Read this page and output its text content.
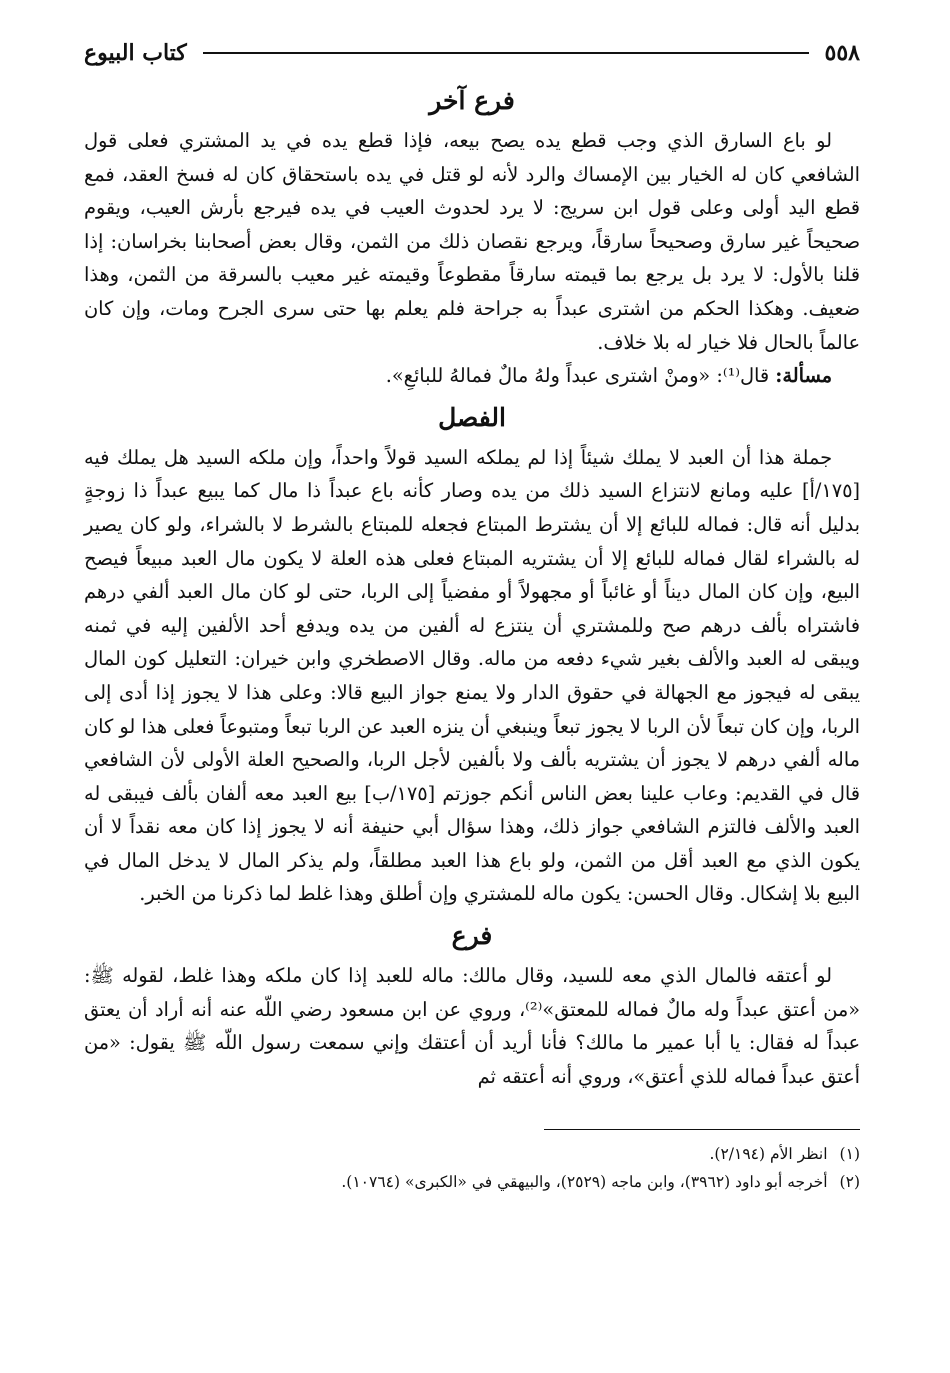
٥٥٨
كتاب البيوع
فرع آخر

لو باع السارق الذي وجب قطع يده يصح بيعه، فإذا قطع يده في يد المشتري فعلى قول الشافعي كان له الخيار بين الإمساك والرد لأنه لو قتل في يده باستحقاق كان له فسخ العقد، فمع قطع اليد أولى وعلى قول ابن سريج: لا يرد لحدوث العيب في يده فيرجع بأرش العيب، ويقوم صحيحاً غير سارق وصحيحاً سارقاً، ويرجع نقصان ذلك من الثمن، وقال بعض أصحابنا بخراسان: إذا قلنا بالأول: لا يرد بل يرجع بما قيمته سارقاً مقطوعاً وقيمته غير معيب بالسرقة من الثمن، وهذا ضعيف. وهكذا الحكم من اشترى عبداً به جراحة فلم يعلم بها حتى سرى الجرح ومات، وإن كان عالماً بالحال فلا خيار له بلا خلاف.

مسألة: قال⁽¹⁾: «ومنْ اشترى عبداً ولهُ مالٌ فمالهُ للبائعِ».

الفصل

جملة هذا أن العبد لا يملك شيئاً إذا لم يملكه السيد قولاً واحداً، وإن ملكه السيد هل يملك فيه [١٧٥/أ] عليه ومانع لانتزاع السيد ذلك من يده وصار كأنه باع عبداً ذا مال كما يبيع عبداً ذا زوجةٍ بدليل أنه قال: فماله للبائع إلا أن يشترط المبتاع فجعله للمبتاع بالشرط لا بالشراء، ولو كان يصير له بالشراء لقال فماله للبائع إلا أن يشتريه المبتاع فعلى هذه العلة لا يكون مال العبد مبيعاً فيصح البيع، وإن كان المال ديناً أو غائباً أو مجهولاً أو مفضياً إلى الربا، حتى لو كان مال العبد ألفي درهم فاشتراه بألف درهم صح وللمشتري أن ينتزع له ألفين من يده ويدفع أحد الألفين إليه في ثمنه ويبقى له العبد والألف بغير شيء دفعه من ماله. وقال الاصطخري وابن خيران: التعليل كون المال يبقى له فيجوز مع الجهالة في حقوق الدار ولا يمنع جواز البيع قالا: وعلى هذا لا يجوز إذا أدى إلى الربا، وإن كان تبعاً لأن الربا لا يجوز تبعاً وينبغي أن ينزه العبد عن الربا تبعاً ومتبوعاً فعلى هذا لو كان ماله ألفي درهم لا يجوز أن يشتريه بألف ولا بألفين لأجل الربا، والصحيح العلة الأولى لأن الشافعي قال في القديم: وعاب علينا بعض الناس أنكم جوزتم [١٧٥/ب] بيع العبد معه ألفان بألف فيبقى له العبد والألف فالتزم الشافعي جواز ذلك، وهذا سؤال أبي حنيفة أنه لا يجوز إذا كان معه نقداً لا أن يكون الذي مع العبد أقل من الثمن، ولو باع هذا العبد مطلقاً، ولم يذكر المال لا يدخل المال في البيع بلا إشكال. وقال الحسن: يكون ماله للمشتري وإن أطلق وهذا غلط لما ذكرنا من الخبر.

فرع

لو أعتقه فالمال الذي معه للسيد، وقال مالك: ماله للعبد إذا كان ملكه وهذا غلط، لقوله ﷺ: «من أعتق عبداً وله مالٌ فماله للمعتق»⁽²⁾، وروي عن ابن مسعود رضي اللّه عنه أنه أراد أن يعتق عبداً له فقال: يا أبا عمير ما مالك؟ فأنا أريد أن أعتقك وإني سمعت رسول اللّه ﷺ يقول: «من أعتق عبداً فماله للذي أعتق»، وروي أنه أعتقه ثم

(١)انظر الأم (٢/١٩٤).

(٢)أخرجه أبو داود (٣٩٦٢)، وابن ماجه (٢٥٢٩)، والبيهقي في «الكبرى» (١٠٧٦٤).
